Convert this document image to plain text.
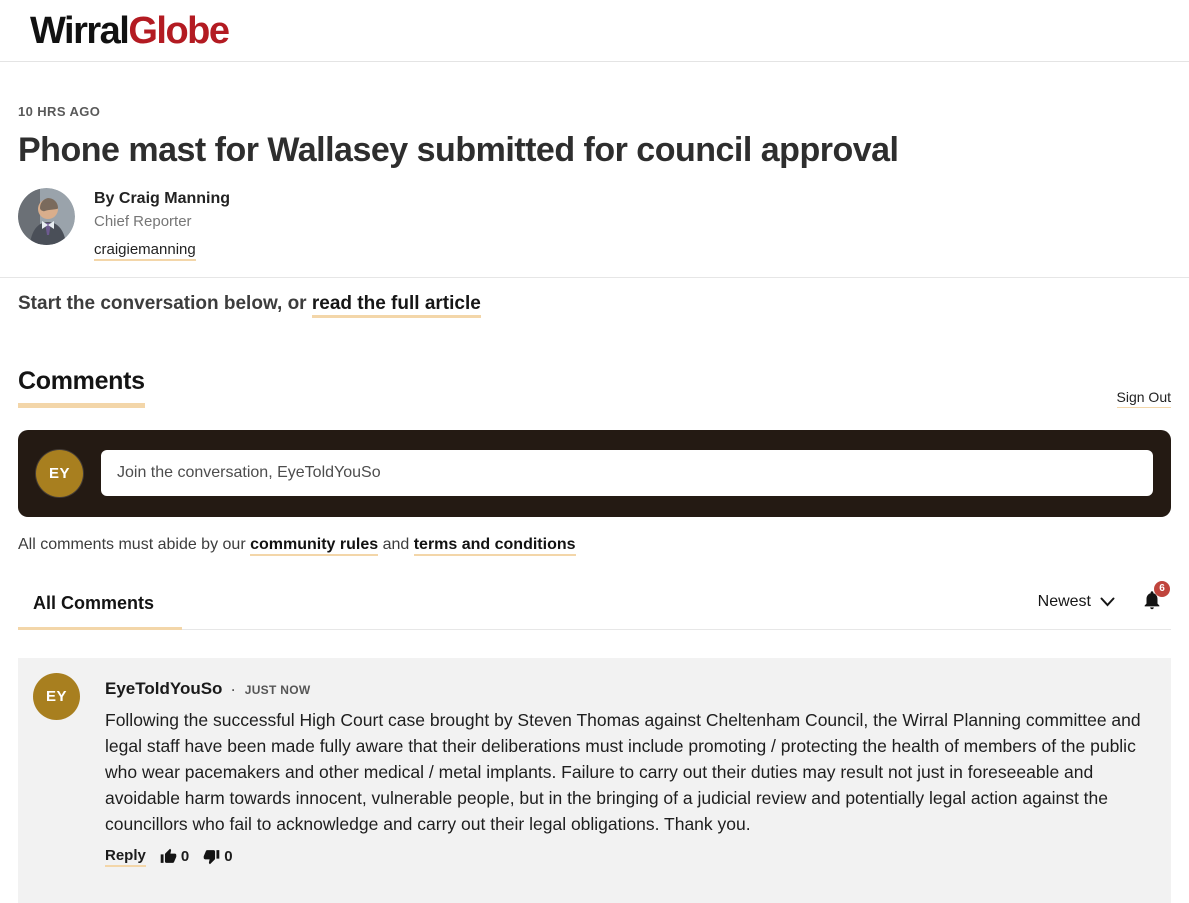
WirralGlobe
10 HRS AGO
Phone mast for Wallasey submitted for council approval
By Craig Manning
Chief Reporter
craigiemanning
Start the conversation below, or read the full article
Comments
Sign Out
EY
Join the conversation, EyeToldYouSo
All comments must abide by our community rules and terms and conditions
All Comments	Newest
6
EY	EyeToldYouSo · JUST NOW
Following the successful High Court case brought by Steven Thomas against Cheltenham Council, the Wirral Planning committee and legal staff have been made fully aware that their deliberations must include promoting / protecting the health of members of the public who wear pacemakers and other medical / metal implants. Failure to carry out their duties may result not just in foreseeable and avoidable harm towards innocent, vulnerable people, but in the bringing of a judicial review and potentially legal action against the councillors who fail to acknowledge and carry out their legal obligations. Thank you.
Reply 0 0
